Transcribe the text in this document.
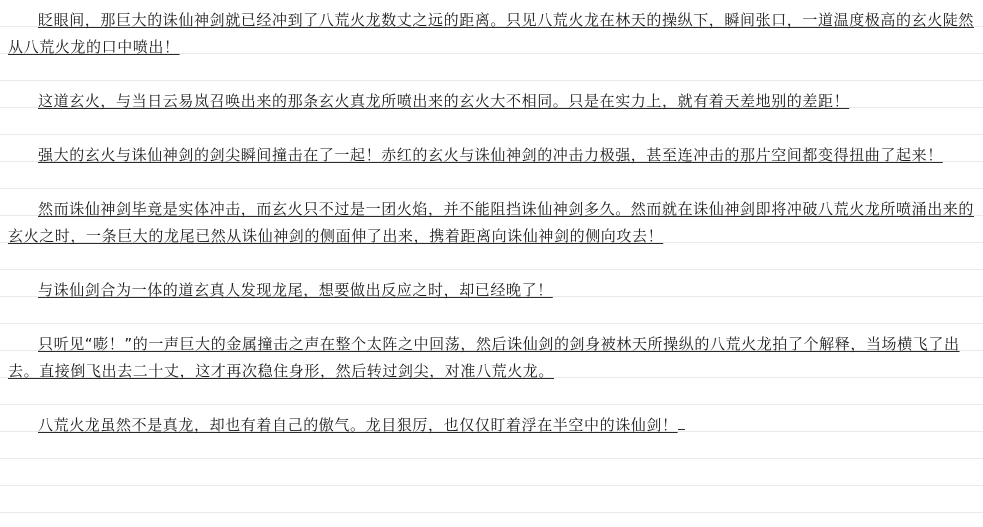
眨眼间，那巨大的诛仙神剑就已经冲到了八荒火龙数丈之远的距离。只见八荒火龙在林天的操纵下，瞬间张口，一道温度极高的玄火陡然从八荒火龙的口中喷出！

这道玄火，与当日云易岚召唤出来的那条玄火真龙所喷出来的玄火大不相同。只是在实力上，就有着天差地别的差距！

强大的玄火与诛仙神剑的剑尖瞬间撞击在了一起！赤红的玄火与诛仙神剑的冲击力极强，甚至连冲击的那片空间都变得扭曲了起来！

然而诛仙神剑毕竟是实体冲击，而玄火只不过是一团火焰，并不能阻挡诛仙神剑多久。然而就在诛仙神剑即将冲破八荒火龙所喷涌出来的玄火之时，一条巨大的龙尾已然从诛仙神剑的侧面伸了出来，携着距离向诛仙神剑的侧向攻去！

与诛仙剑合为一体的道玄真人发现龙尾，想要做出反应之时，却已经晚了！

只听见“嘭！”的一声巨大的金属撞击之声在整个太阵之中回荡，然后诛仙剑的剑身被林天所操纵的八荒火龙拍了个解释，当场横飞了出去。直接倒飞出去二十丈，这才再次稳住身形，然后转过剑尖，对准八荒火龙。

八荒火龙虽然不是真龙，却也有着自己的傲气。龙目狠厉，也仅仅盯着浮在半空中的诛仙剑！
